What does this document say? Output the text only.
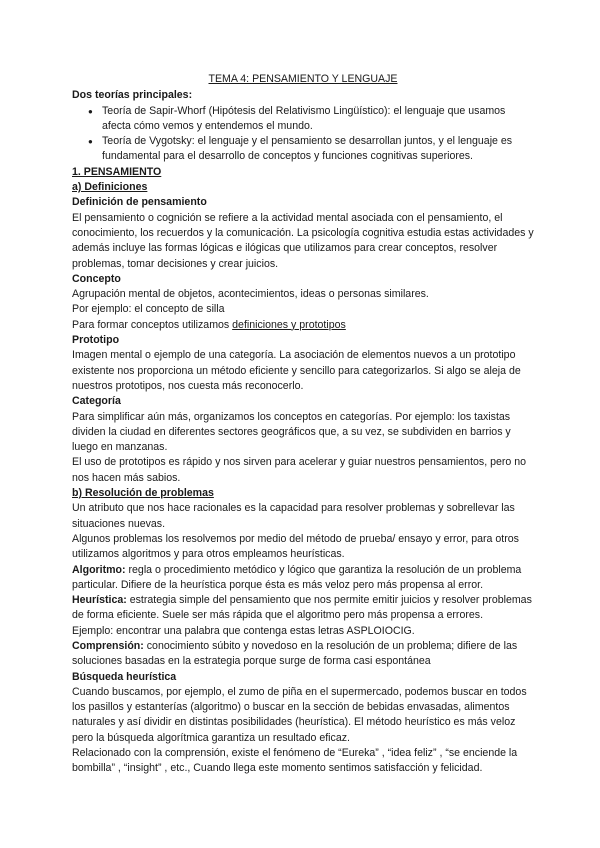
TEMA 4: PENSAMIENTO Y LENGUAJE

Dos teorías principales:

● Teoría de Sapir-Whorf (Hipótesis del Relativismo Lingüístico): el lenguaje que usamos afecta cómo vemos y entendemos el mundo.
● Teoría de Vygotsky: el lenguaje y el pensamiento se desarrollan juntos, y el lenguaje es fundamental para el desarrollo de conceptos y funciones cognitivas superiores.

1. PENSAMIENTO

a) Definiciones

Definición de pensamiento

El pensamiento o cognición se refiere a la actividad mental asociada con el pensamiento, el conocimiento, los recuerdos y la comunicación. La psicología cognitiva estudia estas actividades y además incluye las formas lógicas e ilógicas que utilizamos para crear conceptos, resolver problemas, tomar decisiones y crear juicios.

Concepto

Agrupación mental de objetos, acontecimientos, ideas o personas similares.

Por ejemplo: el concepto de silla

Para formar conceptos utilizamos definiciones y prototipos

Prototipo

Imagen mental o ejemplo de una categoría. La asociación de elementos nuevos a un prototipo existente nos proporciona un método eficiente y sencillo para categorizarlos. Si algo se aleja de nuestros prototipos, nos cuesta más reconocerlo.

Categoría

Para simplificar aún más, organizamos los conceptos en categorías. Por ejemplo: los taxistas dividen la ciudad en diferentes sectores geográficos que, a su vez, se subdividen en barrios y luego en manzanas.

El uso de prototipos es rápido y nos sirven para acelerar y guiar nuestros pensamientos, pero no nos hacen más sabios.

b) Resolución de problemas

Un atributo que nos hace racionales es la capacidad para resolver problemas y sobrellevar las situaciones nuevas.

Algunos problemas los resolvemos por medio del método de prueba/ ensayo y error, para otros utilizamos algoritmos y para otros empleamos heurísticas.

Algoritmo: regla o procedimiento metódico y lógico que garantiza la resolución de un problema particular. Difiere de la heurística porque ésta es más veloz pero más propensa al error.

Heurística: estrategia simple del pensamiento que nos permite emitir juicios y resolver problemas de forma eficiente. Suele ser más rápida que el algoritmo pero más propensa a errores.

Ejemplo: encontrar una palabra que contenga estas letras ASPLOIOCIG.

Comprensión: conocimiento súbito y novedoso en la resolución de un problema; difiere de las soluciones basadas en la estrategia porque surge de forma casi espontánea

Búsqueda heurística

Cuando buscamos, por ejemplo, el zumo de piña en el supermercado, podemos buscar en todos los pasillos y estanterías (algoritmo) o buscar en la sección de bebidas envasadas, alimentos naturales y así dividir en distintas posibilidades (heurística). El método heurístico es más veloz pero la búsqueda algorítmica garantiza un resultado eficaz.

Relacionado con la comprensión, existe el fenómeno de “Eureka” , “idea feliz” , “se enciende la bombilla” , “insight” , etc., Cuando llega este momento sentimos satisfacción y felicidad.
